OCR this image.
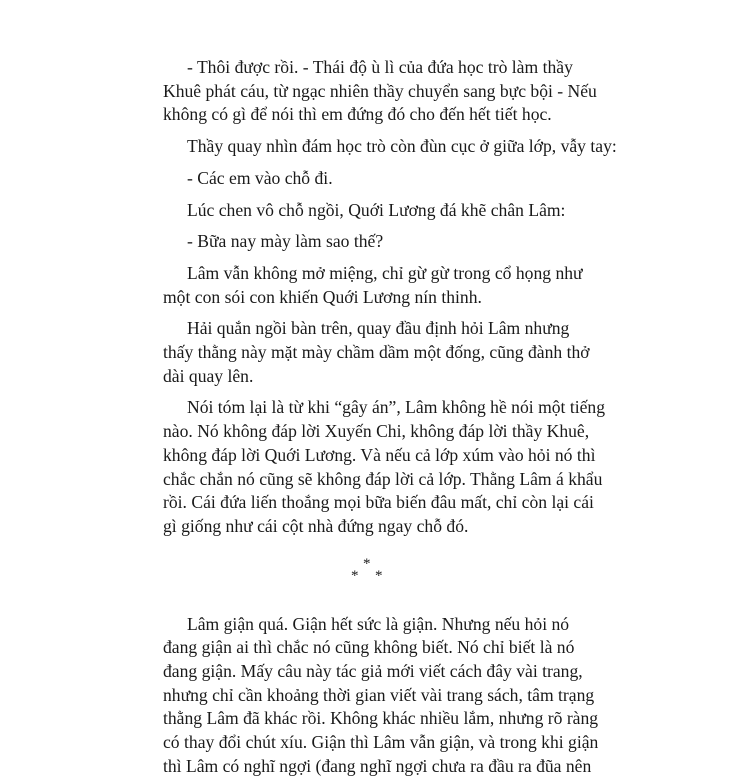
- Thôi được rồi. - Thái độ ù lì của đứa học trò làm thầy
Khuê phát cáu, từ ngạc nhiên thầy chuyển sang bực bội - Nếu
không có gì để nói thì em đứng đó cho đến hết tiết học.

Thầy quay nhìn đám học trò còn đùn cục ở giữa lớp, vẫy tay:

- Các em vào chỗ đi.

Lúc chen vô chỗ ngồi, Quới Lương đá khẽ chân Lâm:

- Bữa nay mày làm sao thế?

Lâm vẫn không mở miệng, chỉ gừ gừ trong cổ họng như
một con sói con khiến Quới Lương nín thinh.

Hải quắn ngồi bàn trên, quay đầu định hỏi Lâm nhưng
thấy thằng này mặt mày chầm dầm một đống, cũng đành thở
dài quay lên.

Nói tóm lại là từ khi “gây án”, Lâm không hề nói một tiếng
nào. Nó không đáp lời Xuyến Chi, không đáp lời thầy Khuê,
không đáp lời Quới Lương. Và nếu cả lớp xúm vào hỏi nó thì
chắc chắn nó cũng sẽ không đáp lời cả lớp. Thằng Lâm á khẩu
rồi. Cái đứa liến thoắng mọi bữa biến đâu mất, chỉ còn lại cái
gì giống như cái cột nhà đứng ngay chỗ đó.

*
* *

Lâm giận quá. Giận hết sức là giận. Nhưng nếu hỏi nó
đang giận ai thì chắc nó cũng không biết. Nó chỉ biết là nó
đang giận. Mấy câu này tác giả mới viết cách đây vài trang,
nhưng chỉ cần khoảng thời gian viết vài trang sách, tâm trạng
thằng Lâm đã khác rồi. Không khác nhiều lắm, nhưng rõ ràng
có thay đổi chút xíu. Giận thì Lâm vẫn giận, và trong khi giận
thì Lâm có nghĩ ngợi (đang nghĩ ngợi chưa ra đầu ra đũa nên
